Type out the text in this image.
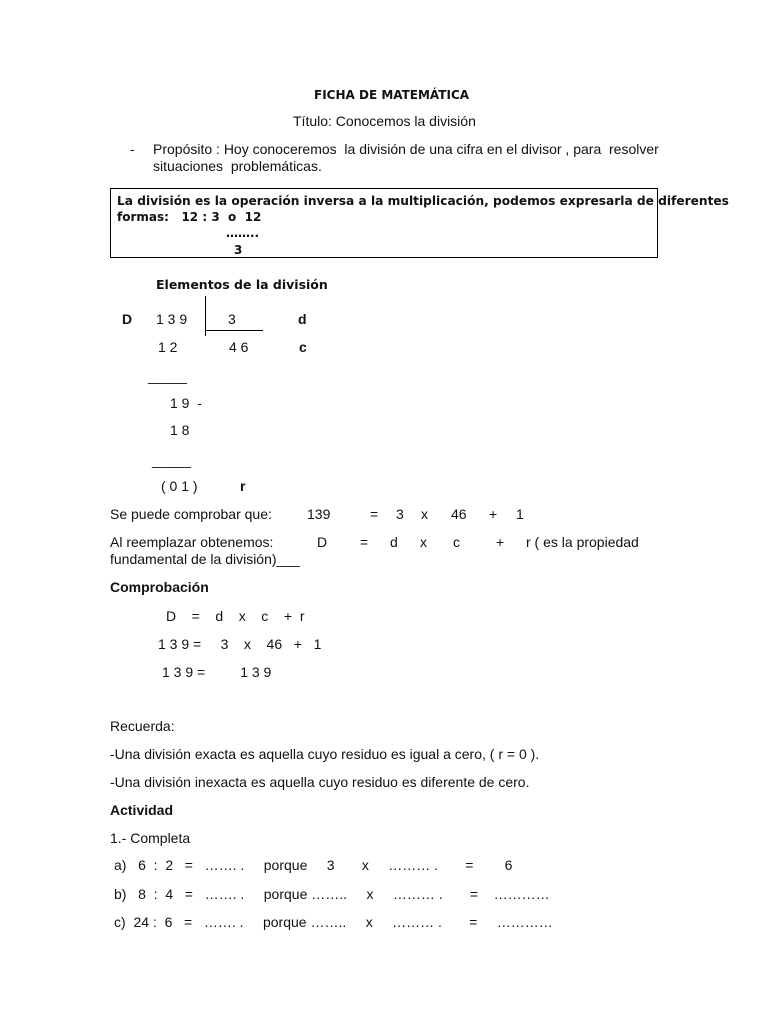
FICHA DE MATEMÁTICA
Título: Conocemos la división
- Propósito : Hoy conoceremos  la división de una cifra en el divisor , para  resolver
situaciones  problemáticas.
La división es la operación inversa a la multiplicación, podemos expresarla de diferentes
formas:   12 : 3  o  12
……..
3
Elementos de la división
D 1 3 9	3	d
1 2	4 6	c
_____
1 9  -
1 8
_____
( 0 1 )	r
Se puede comprobar que:	139	= 3 x 46 + 1
Al reemplazar obtenemos:	D = d x c	+ r ( es la propiedad
fundamental de la división)___
Comprobación
D    =    d    x    c    +  r
1 3 9 =     3    x    46   +   1
1 3 9 =         1 3 9
Recuerda:
-Una división exacta es aquella cuyo residuo es igual a cero, ( r = 0 ).
-Una división inexacta es aquella cuyo residuo es diferente de cero.
Actividad
1.- Completa
a)   6  :  2   =   ……. .     porque     3       x     ……… .       =        6
b)   8  :  4   =   ……. .     porque ……..     x     ……… .       =    …………
c)  24 :  6   =   ……. .     porque ……..     x     ……… .       =     …………
